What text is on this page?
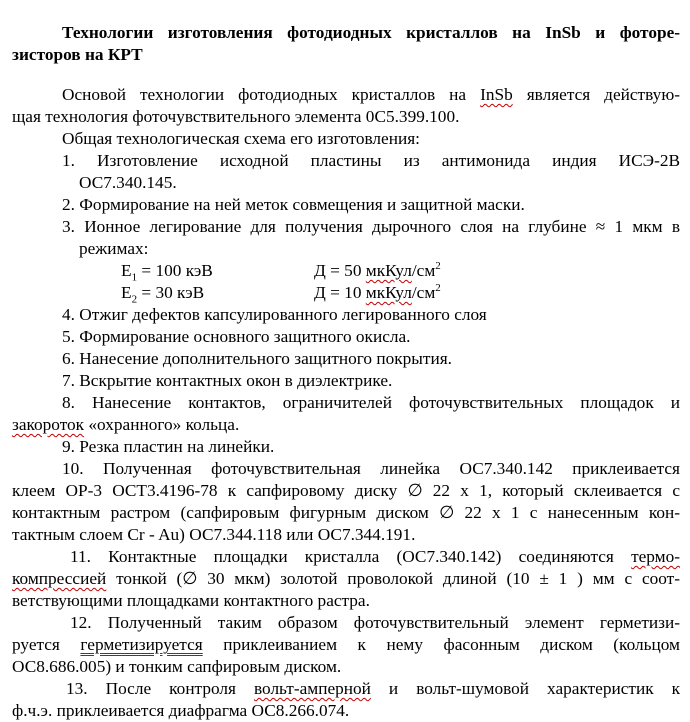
Технологии изготовления фотодиодных кристаллов на InSb и фоторе-
зисторов на КРТ
Основой технологии фотодиодных кристаллов на InSb является действую-
щая технология фоточувствительного элемента 0С5.399.100.
Общая технологическая схема его изготовления:
1. Изготовление исходной пластины из антимонида индия ИСЭ-2В
ОС7.340.145.
2. Формирование на ней меток совмещения и защитной маски.
3. Ионное легирование для получения дырочного слоя на глубине ≈ 1 мкм в
режимах:
$E_1 = 100$ кэВ	Д = 50 мкКул/$см^2$
$E_2 = 30$ кэВ	Д = 10 мкКул/$см^2$
4. Отжиг дефектов капсулированного легированного слоя
5. Формирование основного защитного окисла.
6. Нанесение дополнительного защитного покрытия.
7. Вскрытие контактных окон в диэлектрике.
8. Нанесение контактов, ограничителей фоточувствительных площадок и
закороток «охранного» кольца.
9. Резка пластин на линейки.
10. Полученная фоточувствительная линейка ОС7.340.142 приклеивается
клеем ОР-3 ОСТ3.4196-78 к сапфировому диску ∅ 22 х 1, который склеивается с
контактным растром (сапфировым фигурным диском ∅ 22 х 1 с нанесенным кон-
тактным слоем Cr - Au) ОС7.344.118 или ОС7.344.191.
11. Контактные площадки кристалла (ОС7.340.142) соединяются термо-
компрессией тонкой (∅ 30 мкм) золотой проволокой длиной (10 ± 1 ) мм с соот-
ветствующими площадками контактного растра.
12. Полученный таким образом фоточувствительный элемент герметизи-
руется герметизируется приклеиванием к нему фасонным диском (кольцом
ОС8.686.005) и тонким сапфировым диском.
13. После контроля вольт-амперной и вольт-шумовой характеристик к
ф.ч.э. приклеивается диафрагма ОС8.266.074.
